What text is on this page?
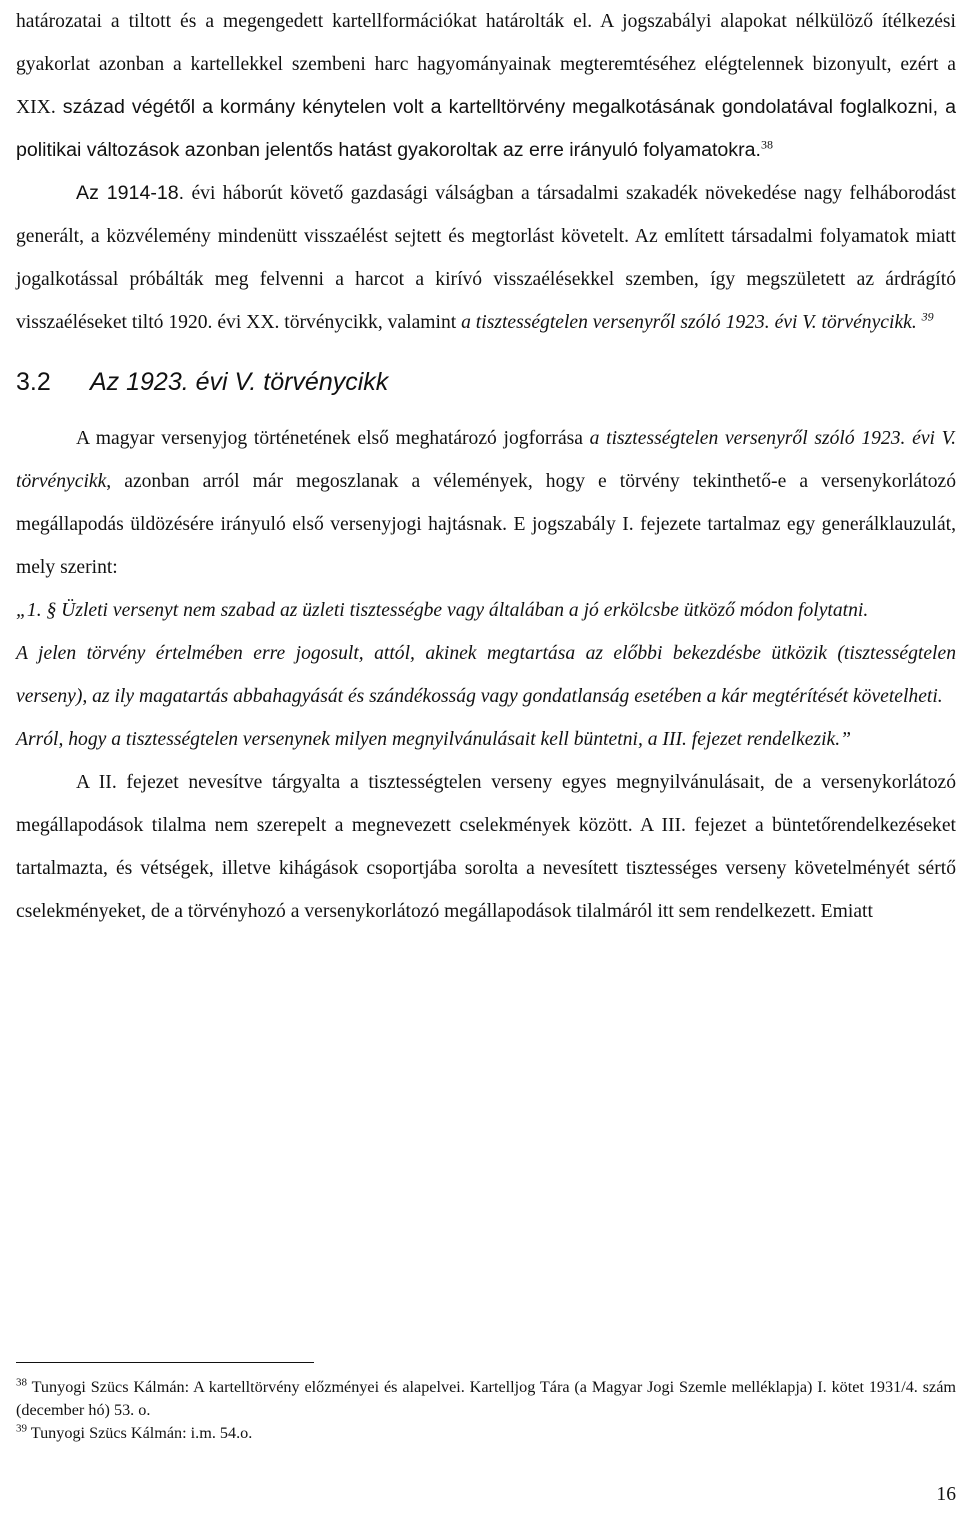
határozatai a tiltott és a megengedett kartellformációkat határolták el. A jogszabályi alapokat nélkülöző ítélkezési gyakorlat azonban a kartellekkel szembeni harc hagyományainak megteremtéséhez elégtelennek bizonyult, ezért a XIX. század végétől a kormány kénytelen volt a kartelltörvény megalkotásának gondolatával foglalkozni, a politikai változások azonban jelentős hatást gyakoroltak az erre irányuló folyamatokra.$^{38}$

Az 1914-18. évi háborút követő gazdasági válságban a társadalmi szakadék növekedése nagy felháborodást generált, a közvélemény mindenütt visszaélést sejtett és megtorlást követelt. Az említett társadalmi folyamatok miatt jogalkotással próbálták meg felvenni a harcot a kirívó visszaélésekkel szemben, így megszületett az árdrágító visszaéléseket tiltó 1920. évi XX. törvénycikk, valamint a tisztességtelen versenyről szóló 1923. évi V. törvénycikk. $^{39}$

3.2	Az 1923. évi V. törvénycikk

A magyar versenyjog történetének első meghatározó jogforrása a tisztességtelen versenyről szóló 1923. évi V. törvénycikk, azonban arról már megoszlanak a vélemények, hogy e törvény tekinthető-e a versenykorlátozó megállapodás üldözésére irányuló első versenyjogi hajtásnak. E jogszabály I. fejezete tartalmaz egy generálklauzulát, mely szerint:

„1. § Üzleti versenyt nem szabad az üzleti tisztességbe vagy általában a jó erkölcsbe ütköző módon folytatni.

A jelen törvény értelmében erre jogosult, attól, akinek megtartása az előbbi bekezdésbe ütközik (tisztességtelen verseny), az ily magatartás abbahagyását és szándékosság vagy gondatlanság esetében a kár megtérítését követelheti.

Arról, hogy a tisztességtelen versenynek milyen megnyilvánulásait kell büntetni, a III. fejezet rendelkezik.”

A II. fejezet nevesítve tárgyalta a tisztességtelen verseny egyes megnyilvánulásait, de a versenykorlátozó megállapodások tilalma nem szerepelt a megnevezett cselekmények között. A III. fejezet a büntetőrendelkezéseket tartalmazta, és vétségek, illetve kihágások csoportjába sorolta a nevesített tisztességes verseny követelményét sértő cselekményeket, de a törvényhozó a versenykorlátozó megállapodások tilalmáról itt sem rendelkezett. Emiatt

$^{38}$ Tunyogi Szücs Kálmán: A kartelltörvény előzményei és alapelvei. Kartelljog Tára (a Magyar Jogi Szemle melléklapja) I. kötet 1931/4. szám (december hó) 53. o.

$^{39}$ Tunyogi Szücs Kálmán: i.m. 54.o.

16
